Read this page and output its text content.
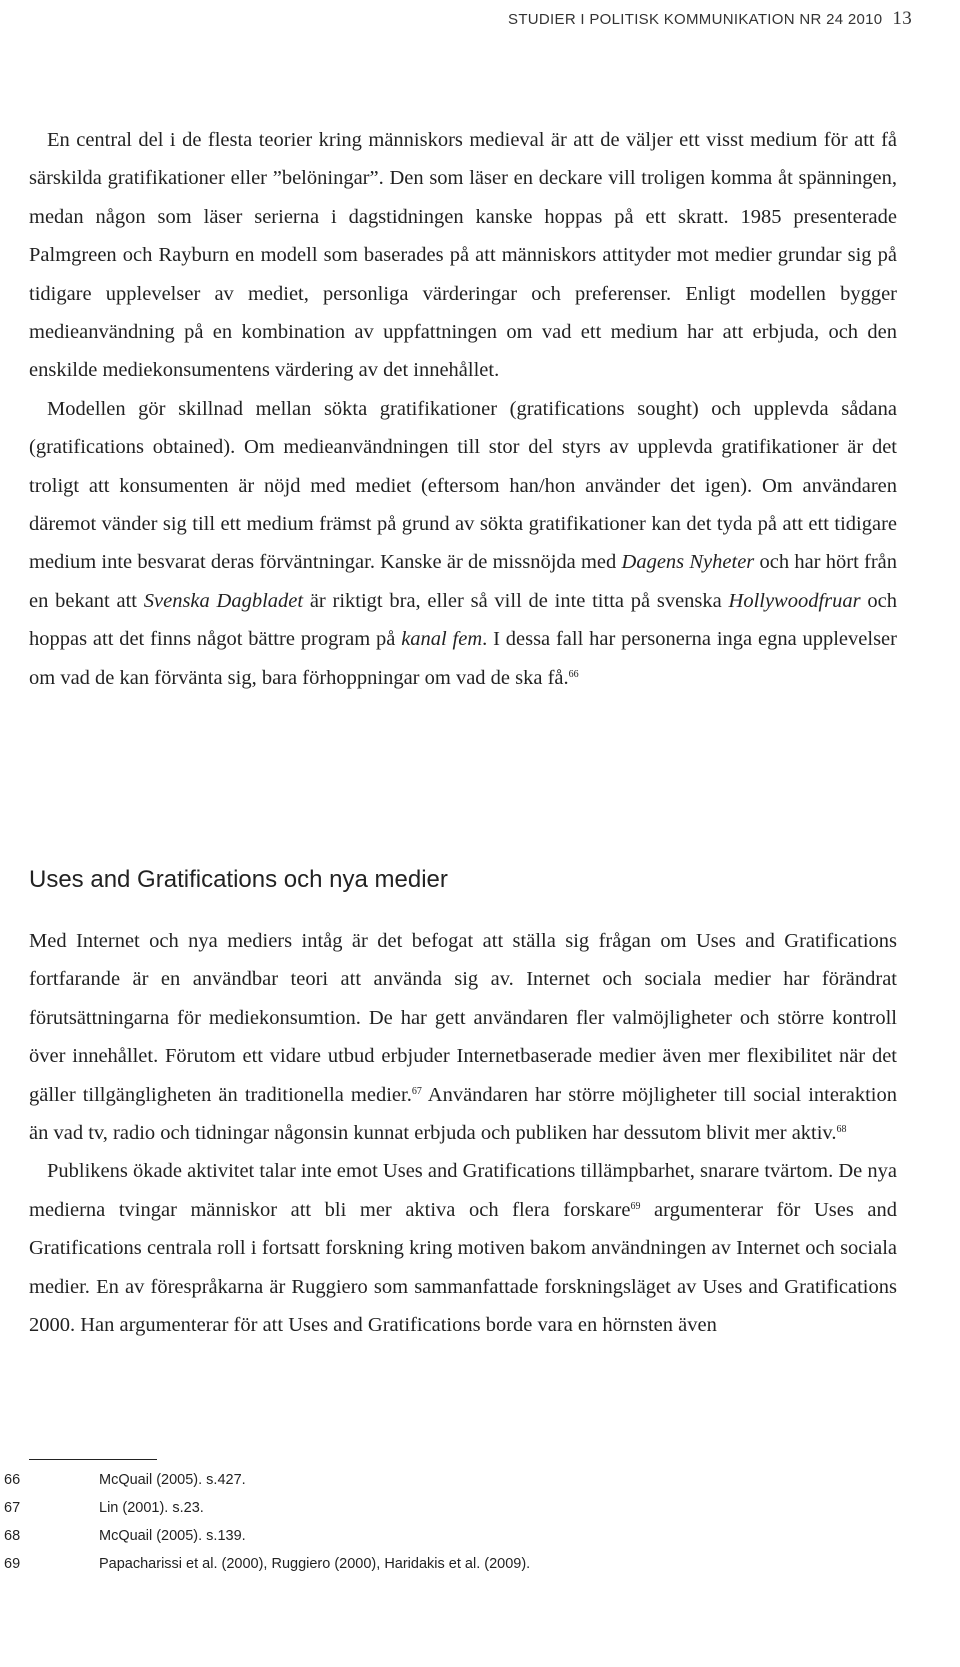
STUDIER I POLITISK KOMMUNIKATION NR 24 2010 13

En central del i de flesta teorier kring människors medieval är att de väljer ett visst medium för att få särskilda gratifikationer eller ”belöningar”. Den som läser en deckare vill troligen komma åt spänningen, medan någon som läser serierna i dagstidningen kanske hoppas på ett skratt. 1985 presenterade Palmgreen och Rayburn en modell som baserades på att människors attityder mot medier grundar sig på tidigare upplevelser av mediet, personliga värderingar och preferenser. Enligt modellen bygger medieanvändning på en kombination av uppfattningen om vad ett medium har att erbjuda, och den enskilde mediekonsumentens värdering av det innehållet.

Modellen gör skillnad mellan sökta gratifikationer (gratifications sought) och upplevda sådana (gratifications obtained). Om medieanvändningen till stor del styrs av upplevda gratifikationer är det troligt att konsumenten är nöjd med mediet (eftersom han/hon använder det igen). Om användaren däremot vänder sig till ett medium främst på grund av sökta gratifikationer kan det tyda på att ett tidigare medium inte besvarat deras förväntningar. Kanske är de missnöjda med Dagens Nyheter och har hört från en bekant att Svenska Dagbladet är riktigt bra, eller så vill de inte titta på svenska Hollywoodfruar och hoppas att det finns något bättre program på kanal fem. I dessa fall har personerna inga egna upplevelser om vad de kan förvänta sig, bara förhoppningar om vad de ska få.$^{66}$

Uses and Gratifications och nya medier

Med Internet och nya mediers intåg är det befogat att ställa sig frågan om Uses and Gratifications fortfarande är en användbar teori att använda sig av. Internet och sociala medier har förändrat förutsättningarna för mediekonsumtion. De har gett användaren fler valmöjligheter och större kontroll över innehållet. Förutom ett vidare utbud erbjuder Internetbaserade medier även mer flexibilitet när det gäller tillgängligheten än traditionella medier.$^{67}$ Användaren har större möjligheter till social interaktion än vad tv, radio och tidningar någonsin kunnat erbjuda och publiken har dessutom blivit mer aktiv.$^{68}$

Publikens ökade aktivitet talar inte emot Uses and Gratifications tillämpbarhet, snarare tvärtom. De nya medierna tvingar människor att bli mer aktiva och flera forskare$^{69}$ argumenterar för Uses and Gratifications centrala roll i fortsatt forskning kring motiven bakom användningen av Internet och sociala medier. En av förespråkarna är Ruggiero som sammanfattade forskningsläget av Uses and Gratifications 2000. Han argumenterar för att Uses and Gratifications borde vara en hörnsten även

66	McQuail (2005). s.427.
67	Lin (2001). s.23.
68	McQuail (2005). s.139.
69	Papacharissi et al. (2000), Ruggiero (2000), Haridakis et al. (2009).
